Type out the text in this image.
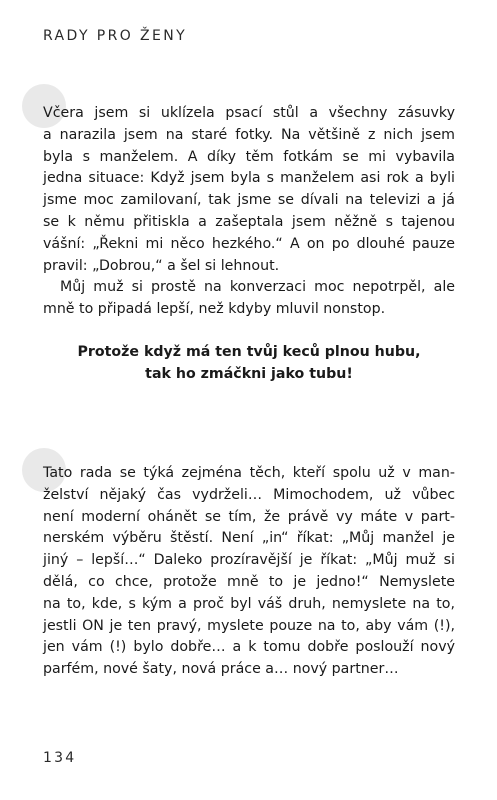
RADY PRO ŽENY
Včera jsem si uklízela psací stůl a všechny zásuvky
a narazila jsem na staré fotky. Na většině z nich jsem
byla s manželem. A díky těm fotkám se mi vybavila
jedna situace: Když jsem byla s manželem asi rok a byli
jsme moc zamilovaní, tak jsme se dívali na televizi a já
se k němu přitiskla a zašeptala jsem něžně s tajenou
vášní: „Řekni mi něco hezkého.“ A on po dlouhé pauze
pravil: „Dobrou,“ a šel si lehnout.
Můj muž si prostě na konverzaci moc nepotrpěl, ale
mně to připadá lepší, než kdyby mluvil nonstop.
Protože když má ten tvůj keců plnou hubu,
tak ho zmáčkni jako tubu!
Tato rada se týká zejména těch, kteří spolu už v man-
želství nějaký čas vydrželi… Mimochodem, už vůbec
není moderní ohánět se tím, že právě vy máte v part-
nerském výběru štěstí. Není „in“ říkat: „Můj manžel je
jiný – lepší…“ Daleko prozíravější je říkat: „Můj muž si
dělá, co chce, protože mně to je jedno!“ Nemyslete
na to, kde, s kým a proč byl váš druh, nemyslete na to,
jestli ON je ten pravý, myslete pouze na to, aby vám (!),
jen vám (!) bylo dobře… a k tomu dobře poslouží nový
parfém, nové šaty, nová práce a… nový partner…
134
